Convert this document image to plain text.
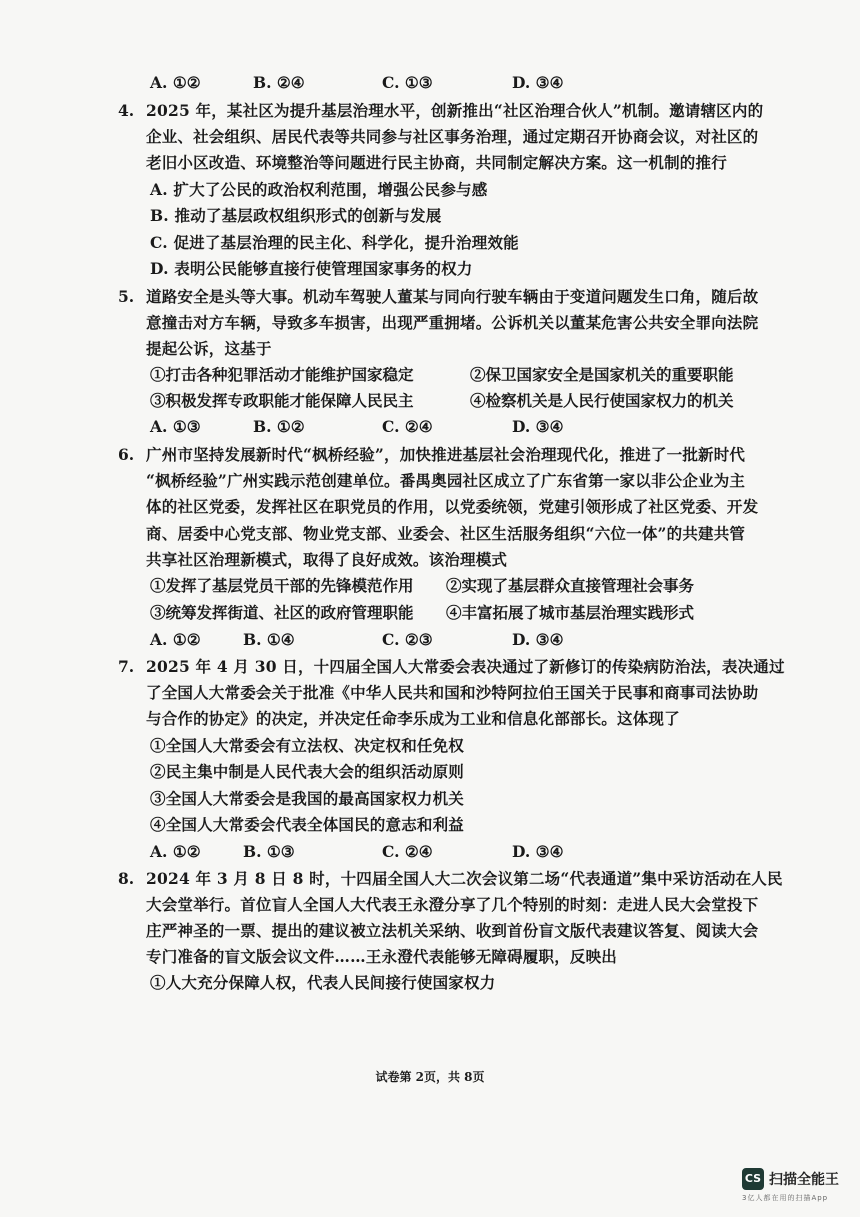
A. ①②	B. ②④	C. ①③	D. ③④
4. 2025 年，某社区为提升基层治理水平，创新推出“社区治理合伙人”机制。邀请辖区内的
企业、社会组织、居民代表等共同参与社区事务治理，通过定期召开协商会议，对社区的
老旧小区改造、环境整治等问题进行民主协商，共同制定解决方案。这一机制的推行
A. 扩大了公民的政治权利范围，增强公民参与感
B. 推动了基层政权组织形式的创新与发展
C. 促进了基层治理的民主化、科学化，提升治理效能
D. 表明公民能够直接行使管理国家事务的权力
5. 道路安全是头等大事。机动车驾驶人董某与同向行驶车辆由于变道问题发生口角，随后故
意撞击对方车辆，导致多车损害，出现严重拥堵。公诉机关以董某危害公共安全罪向法院
提起公诉，这基于
①打击各种犯罪活动才能维护国家稳定	②保卫国家安全是国家机关的重要职能
③积极发挥专政职能才能保障人民民主	④检察机关是人民行使国家权力的机关
A. ①③	B. ①②	C. ②④	D. ③④
6. 广州市坚持发展新时代“枫桥经验”，加快推进基层社会治理现代化，推进了一批新时代
“枫桥经验”广州实践示范创建单位。番禺奥园社区成立了广东省第一家以非公企业为主
体的社区党委，发挥社区在职党员的作用，以党委统领，党建引领形成了社区党委、开发
商、居委中心党支部、物业党支部、业委会、社区生活服务组织“六位一体”的共建共管
共享社区治理新模式，取得了良好成效。该治理模式
①发挥了基层党员干部的先锋模范作用 ②实现了基层群众直接管理社会事务
③统筹发挥街道、社区的政府管理职能 ④丰富拓展了城市基层治理实践形式
A. ①②	B. ①④	C. ②③	D. ③④
7. 2025 年 4 月 30 日，十四届全国人大常委会表决通过了新修订的传染病防治法，表决通过
了全国人大常委会关于批准《中华人民共和国和沙特阿拉伯王国关于民事和商事司法协助
与合作的协定》的决定，并决定任命李乐成为工业和信息化部部长。这体现了
①全国人大常委会有立法权、决定权和任免权
②民主集中制是人民代表大会的组织活动原则
③全国人大常委会是我国的最高国家权力机关
④全国人大常委会代表全体国民的意志和利益
A. ①②	B. ①③	C. ②④	D. ③④
8. 2024 年 3 月 8 日 8 时，十四届全国人大二次会议第二场“代表通道”集中采访活动在人民
大会堂举行。首位盲人全国人大代表王永澄分享了几个特别的时刻：走进人民大会堂投下
庄严神圣的一票、提出的建议被立法机关采纳、收到首份盲文版代表建议答复、阅读大会
专门准备的盲文版会议文件……王永澄代表能够无障碍履职，反映出
①人大充分保障人权，代表人民间接行使国家权力
试卷第 2页，共 8页
CS 扫描全能王
3亿人都在用的扫描App
